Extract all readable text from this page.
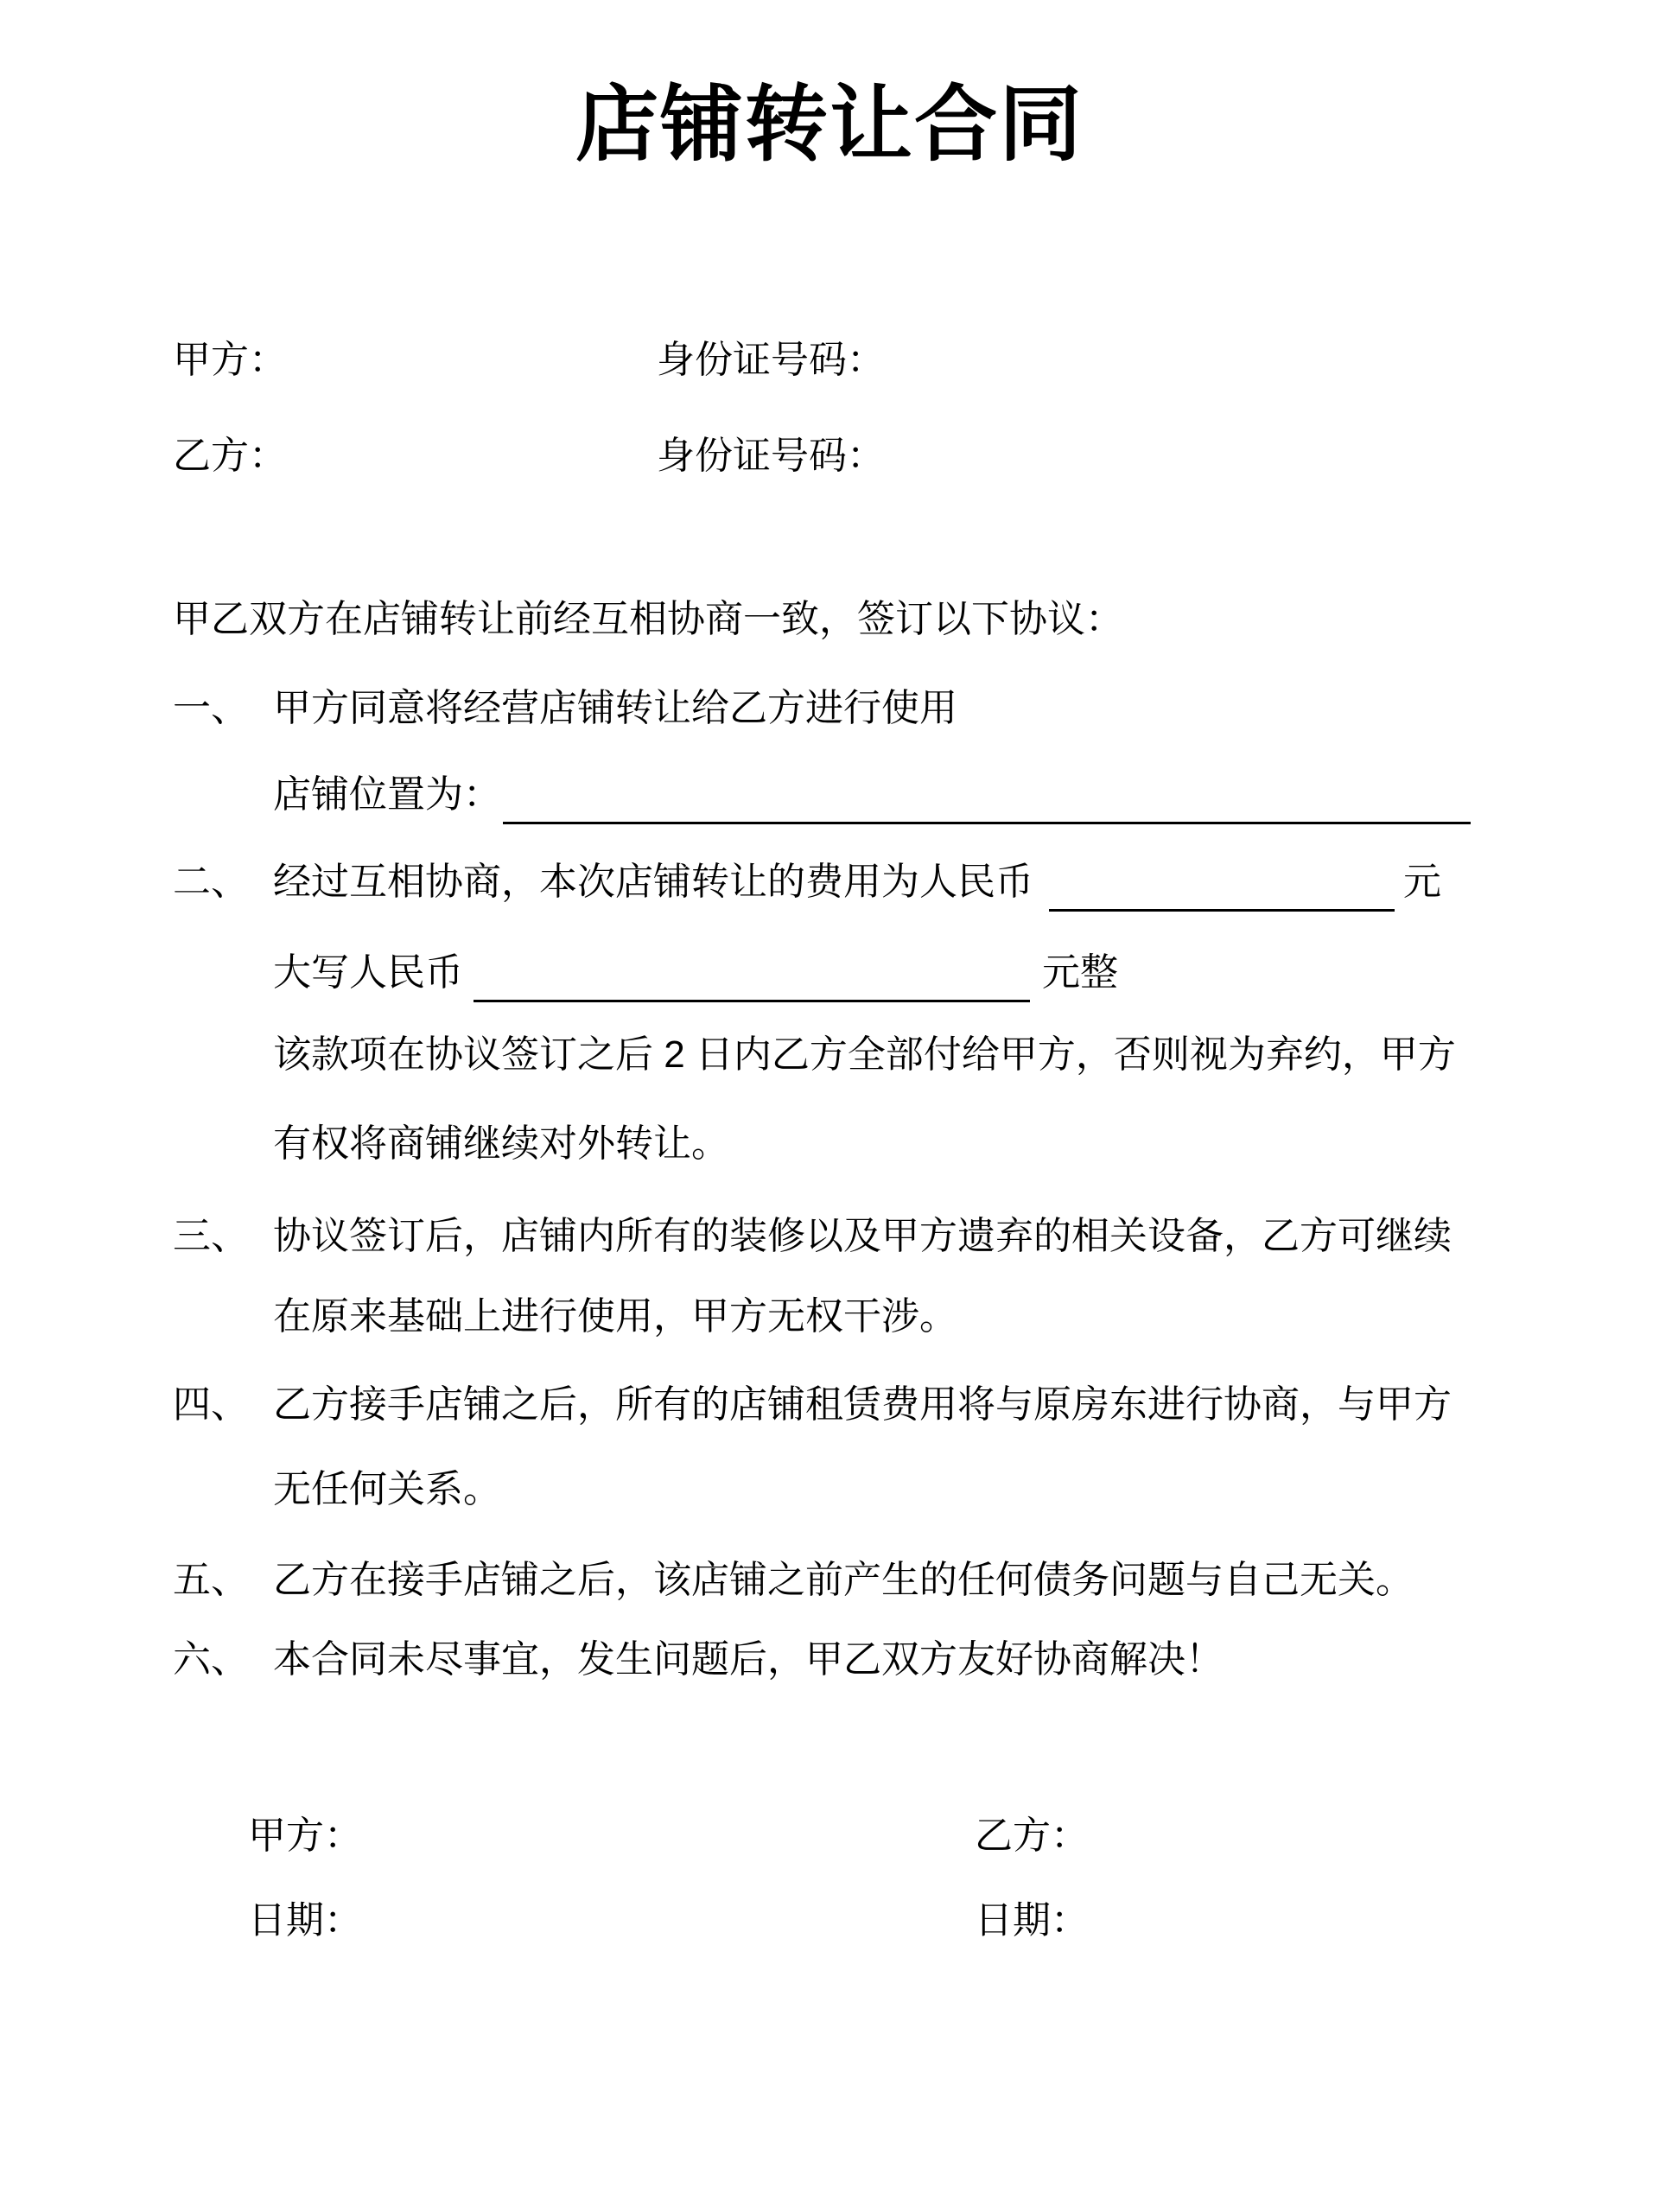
店铺转让合同
甲方：	身份证号码：
乙方：	身份证号码：
甲乙双方在店铺转让前经互相协商一致，签订以下协议：
一、 甲方同意将经营店铺转让给乙方进行使用
店铺位置为：
二、 经过互相协商，本次店铺转让的费用为人民币	元
大写人民币	元整
该款项在协议签订之后 2 日内乙方全部付给甲方，否则视为弃约，甲方
有权将商铺继续对外转让。
三、 协议签订后，店铺内所有的装修以及甲方遗弃的相关设备，乙方可继续
在原来基础上进行使用，甲方无权干涉。
四、 乙方接手店铺之后，所有的店铺租赁费用将与原房东进行协商，与甲方
无任何关系。
五、 乙方在接手店铺之后，该店铺之前产生的任何债务问题与自己无关。
六、 本合同未尽事宜，发生问题后，甲乙双方友好协商解决！
甲方：	乙方：
日期：	日期：
